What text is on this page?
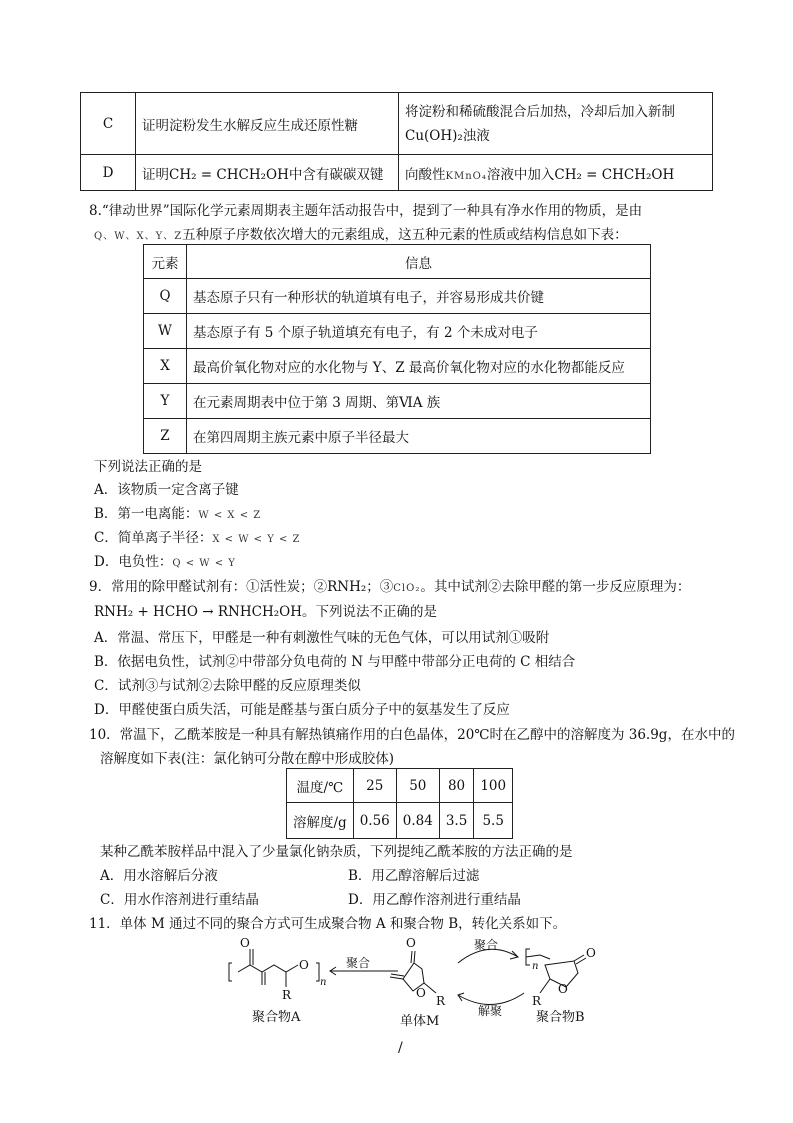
C	证明淀粉发生水解反应生成还原性糖	将淀粉和稀硫酸混合后加热，冷却后加入新制
Cu(OH)₂浊液

D	证明CH₂ = CHCH₂OH中含有碳碳双键	向酸性KMnO₄溶液中加入CH₂ = CHCH₂OH
8.“律动世界”国际化学元素周期表主题年活动报告中，提到了一种具有净水作用的物质，是由
Q、W、X、Y、Z五种原子序数依次增大的元素组成，这五种元素的性质或结构信息如下表：
元素	信息
Q	基态原子只有一种形状的轨道填有电子，并容易形成共价键
W	基态原子有 5 个原子轨道填充有电子，有 2 个未成对电子
X	最高价氧化物对应的水化物与 Y、Z 最高价氧化物对应的水化物都能反应
Y	在元素周期表中位于第 3 周期、第ⅥA 族
Z	在第四周期主族元素中原子半径最大
下列说法正确的是
A．该物质一定含离子键
B．第一电离能：W < X < Z
C．简单离子半径：X < W < Y < Z
D．电负性：Q < W < Y
9．常用的除甲醛试剂有：①活性炭；②RNH₂；③ClO₂。其中试剂②去除甲醛的第一步反应原理为：
RNH₂ + HCHO → RNHCH₂OH。下列说法不正确的是
A．常温、常压下，甲醛是一种有刺激性气味的无色气体，可以用试剂①吸附
B．依据电负性，试剂②中带部分负电荷的 N 与甲醛中带部分正电荷的 C 相结合
C．试剂③与试剂②去除甲醛的反应原理类似
D．甲醛使蛋白质失活，可能是醛基与蛋白质分子中的氨基发生了反应
10．常温下，乙酰苯胺是一种具有解热镇痛作用的白色晶体，20℃时在乙醇中的溶解度为 36.9g，在水中的
溶解度如下表(注：氯化钠可分散在醇中形成胶体)
温度/℃	25	50	80	100
溶解度/g	0.56	0.84	3.5	5.5
某种乙酰苯胺样品中混入了少量氯化钠杂质，下列提纯乙酰苯胺的方法正确的是
A．用水溶解后分液	B．用乙醇溶解后过滤
C．用水作溶剂进行重结晶	D．用乙醇作溶剂进行重结晶
11．单体 M 通过不同的聚合方式可生成聚合物 A 和聚合物 B，转化关系如下。
O
O
n
R
聚合
O
O
R
聚合
解聚
n
O
O
R
聚合物A	单体M	聚合物B
/
